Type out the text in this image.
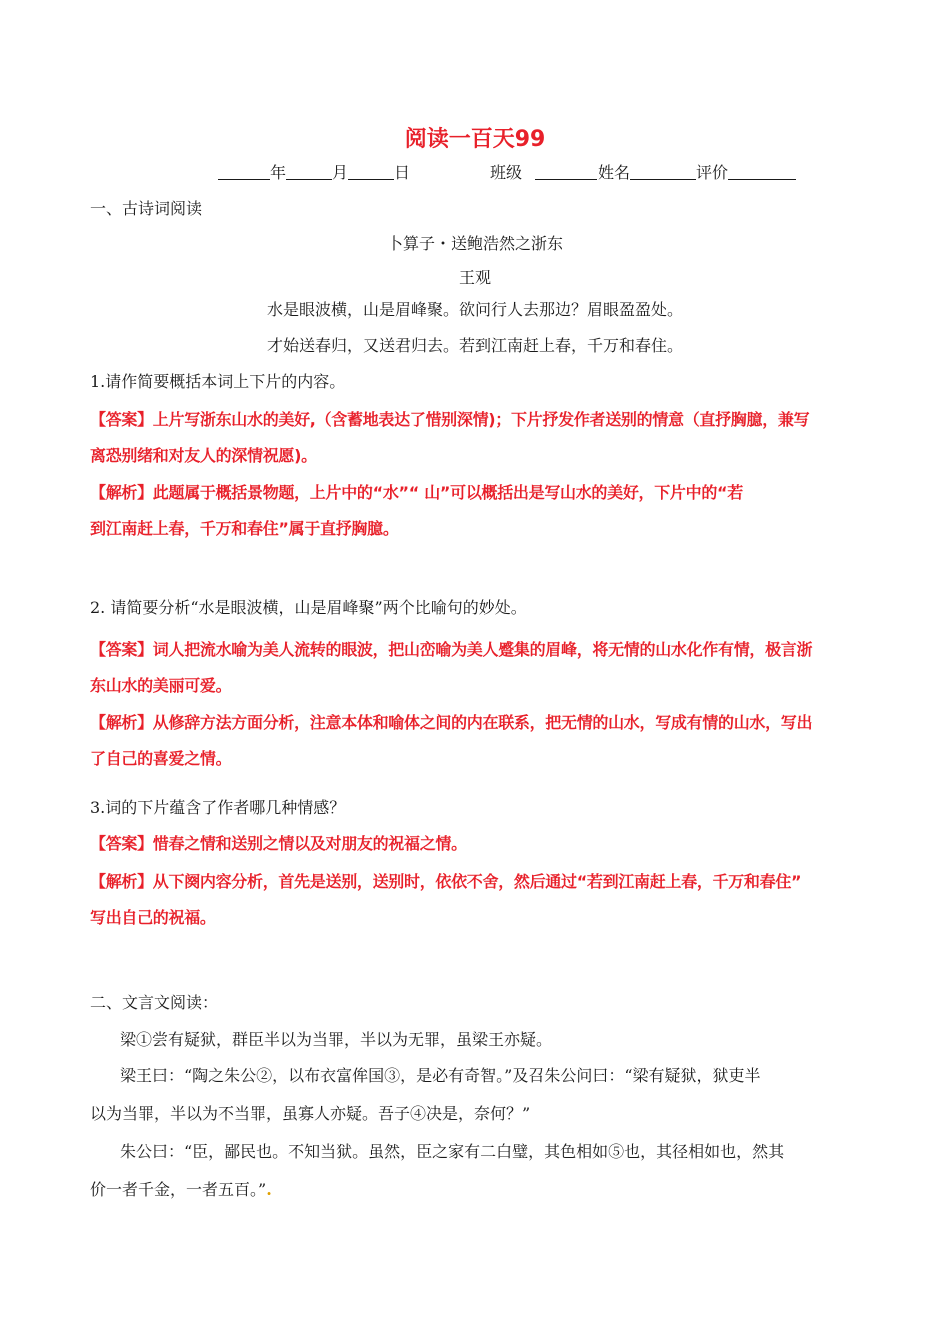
阅读一百天99
年	月	日	班级	姓名	评价
一、古诗词阅读
卜算子・送鲍浩然之浙东
王观
水是眼波横，山是眉峰聚。欲问行人去那边？眉眼盈盈处。
才始送春归，又送君归去。若到江南赶上春，千万和春住。
1.请作简要概括本词上下片的内容。
【答案】上片写浙东山水的美好,（含蓄地表达了惜别深情)；下片抒发作者送别的情意（直抒胸臆，兼写
离恐别绪和对友人的深情祝愿)。
【解析】此题属于概括景物题，上片中的“水”“ 山”可以概括出是写山水的美好，下片中的“若
到江南赶上春，千万和春住”属于直抒胸臆。
2. 请简要分析“水是眼波横，山是眉峰聚”两个比喻句的妙处。
【答案】词人把流水喻为美人流转的眼波，把山峦喻为美人蹙集的眉峰，将无情的山水化作有情，极言浙
东山水的美丽可爱。
【解析】从修辞方法方面分析，注意本体和喻体之间的内在联系，把无情的山水，写成有情的山水，写出
了自己的喜爱之情。
3.词的下片蕴含了作者哪几种情感？
【答案】惜春之情和送别之情以及对朋友的祝福之情。
【解析】从下阕内容分析，首先是送别，送别时，依依不舍，然后通过“若到江南赶上春，千万和春住”
写出自己的祝福。
二、文言文阅读：
梁①尝有疑狱，群臣半以为当罪，半以为无罪，虽梁王亦疑。
梁王曰：“陶之朱公②，以布衣富侔国③，是必有奇智。”及召朱公问曰：“梁有疑狱，狱吏半
以为当罪，半以为不当罪，虽寡人亦疑。吾子④决是，奈何？”
朱公曰：“臣，鄙民也。不知当狱。虽然，臣之家有二白璧，其色相如⑤也，其径相如也，然其
价一者千金，一者五百。”.
